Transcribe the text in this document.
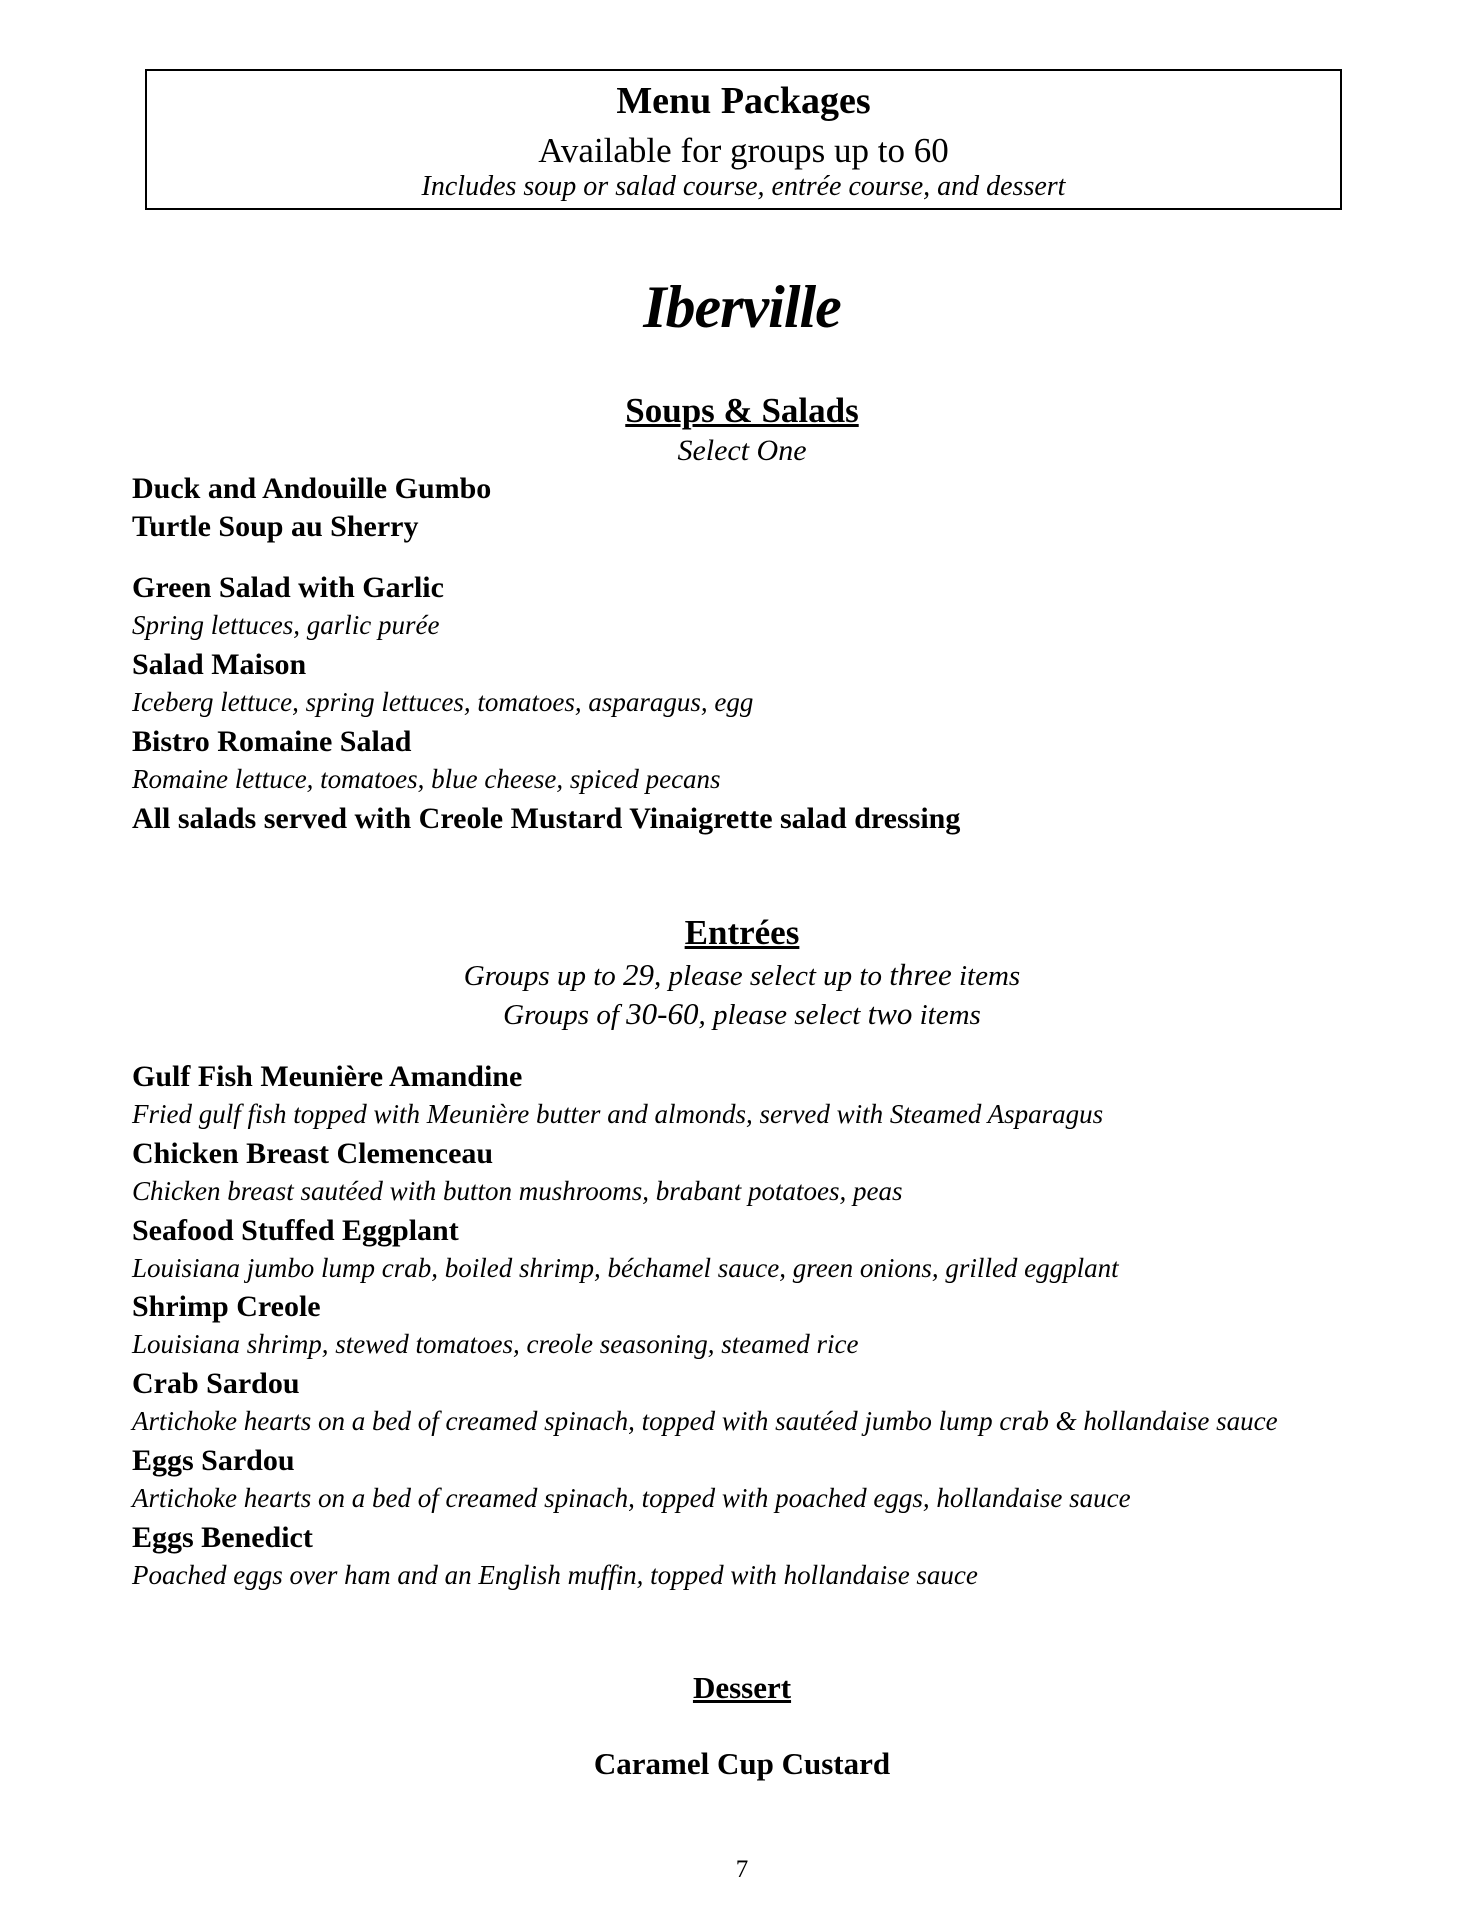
Menu Packages
Available for groups up to 60
Includes soup or salad course, entrée course, and dessert
Iberville
Soups & Salads
Select One
Duck and Andouille Gumbo
Turtle Soup au Sherry
Green Salad with Garlic
Spring lettuces, garlic purée
Salad Maison
Iceberg lettuce, spring lettuces, tomatoes, asparagus, egg
Bistro Romaine Salad
Romaine lettuce, tomatoes, blue cheese, spiced pecans
All salads served with Creole Mustard Vinaigrette salad dressing
Entrées
Groups up to 29, please select up to three items
Groups of 30-60, please select two items
Gulf Fish Meunière Amandine
Fried gulf fish topped with Meunière butter and almonds, served with Steamed Asparagus
Chicken Breast Clemenceau
Chicken breast sautéed with button mushrooms, brabant potatoes, peas
Seafood Stuffed Eggplant
Louisiana jumbo lump crab, boiled shrimp, béchamel sauce, green onions, grilled eggplant
Shrimp Creole
Louisiana shrimp, stewed tomatoes, creole seasoning, steamed rice
Crab Sardou
Artichoke hearts on a bed of creamed spinach, topped with sautéed jumbo lump crab & hollandaise sauce
Eggs Sardou
Artichoke hearts on a bed of creamed spinach, topped with poached eggs, hollandaise sauce
Eggs Benedict
Poached eggs over ham and an English muffin, topped with hollandaise sauce
Dessert
Caramel Cup Custard
7
